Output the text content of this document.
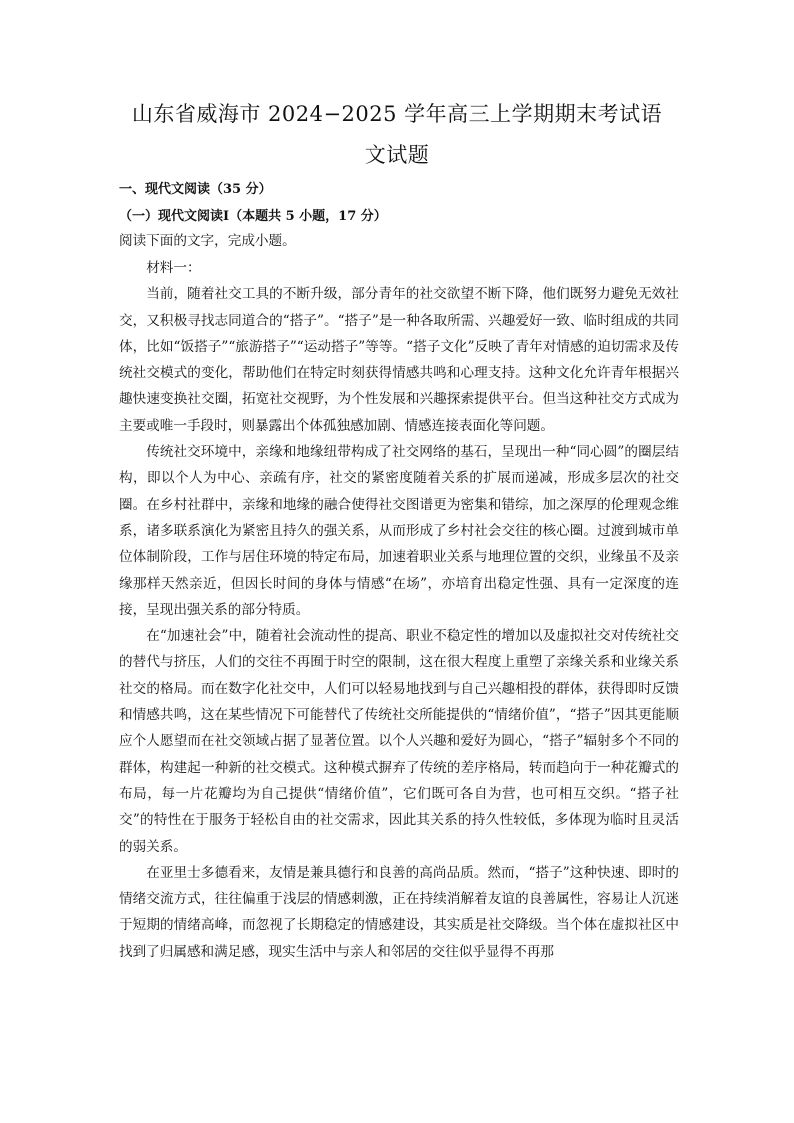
山东省威海市 2024−2025 学年高三上学期期末考试语
文试题
一、现代文阅读（35 分）
（一）现代文阅读Ⅰ（本题共 5 小题，17 分）
阅读下面的文字，完成小题。

材料一：

当前，随着社交工具的不断升级，部分青年的社交欲望不断下降，他们既努力避免无效社交，又积极寻找志同道合的“搭子”。“搭子”是一种各取所需、兴趣爱好一致、临时组成的共同体，比如“饭搭子”“旅游搭子”“运动搭子”等等。“搭子文化”反映了青年对情感的迫切需求及传统社交模式的变化，帮助他们在特定时刻获得情感共鸣和心理支持。这种文化允许青年根据兴趣快速变换社交圈，拓宽社交视野，为个性发展和兴趣探索提供平台。但当这种社交方式成为主要或唯一手段时，则暴露出个体孤独感加剧、情感连接表面化等问题。

传统社交环境中，亲缘和地缘纽带构成了社交网络的基石，呈现出一种“同心圆”的圈层结构，即以个人为中心、亲疏有序，社交的紧密度随着关系的扩展而递减，形成多层次的社交圈。在乡村社群中，亲缘和地缘的融合使得社交图谱更为密集和错综，加之深厚的伦理观念维系，诸多联系演化为紧密且持久的强关系，从而形成了乡村社会交往的核心圈。过渡到城市单位体制阶段，工作与居住环境的特定布局，加速着职业关系与地理位置的交织，业缘虽不及亲缘那样天然亲近，但因长时间的身体与情感“在场”，亦培育出稳定性强、具有一定深度的连接，呈现出强关系的部分特质。

在“加速社会”中，随着社会流动性的提高、职业不稳定性的增加以及虚拟社交对传统社交的替代与挤压，人们的交往不再囿于时空的限制，这在很大程度上重塑了亲缘关系和业缘关系社交的格局。而在数字化社交中，人们可以轻易地找到与自己兴趣相投的群体，获得即时反馈和情感共鸣，这在某些情况下可能替代了传统社交所能提供的“情绪价值”，“搭子”因其更能顺应个人愿望而在社交领域占据了显著位置。以个人兴趣和爱好为圆心，“搭子”辐射多个不同的群体，构建起一种新的社交模式。这种模式摒弃了传统的差序格局，转而趋向于一种花瓣式的布局，每一片花瓣均为自己提供“情绪价值”，它们既可各自为营，也可相互交织。“搭子社交”的特性在于服务于轻松自由的社交需求，因此其关系的持久性较低，多体现为临时且灵活的弱关系。

在亚里士多德看来，友情是兼具德行和良善的高尚品质。然而，“搭子”这种快速、即时的情绪交流方式，往往偏重于浅层的情感刺激，正在持续消解着友谊的良善属性，容易让人沉迷于短期的情绪高峰，而忽视了长期稳定的情感建设，其实质是社交降级。当个体在虚拟社区中找到了归属感和满足感，现实生活中与亲人和邻居的交往似乎显得不再那
